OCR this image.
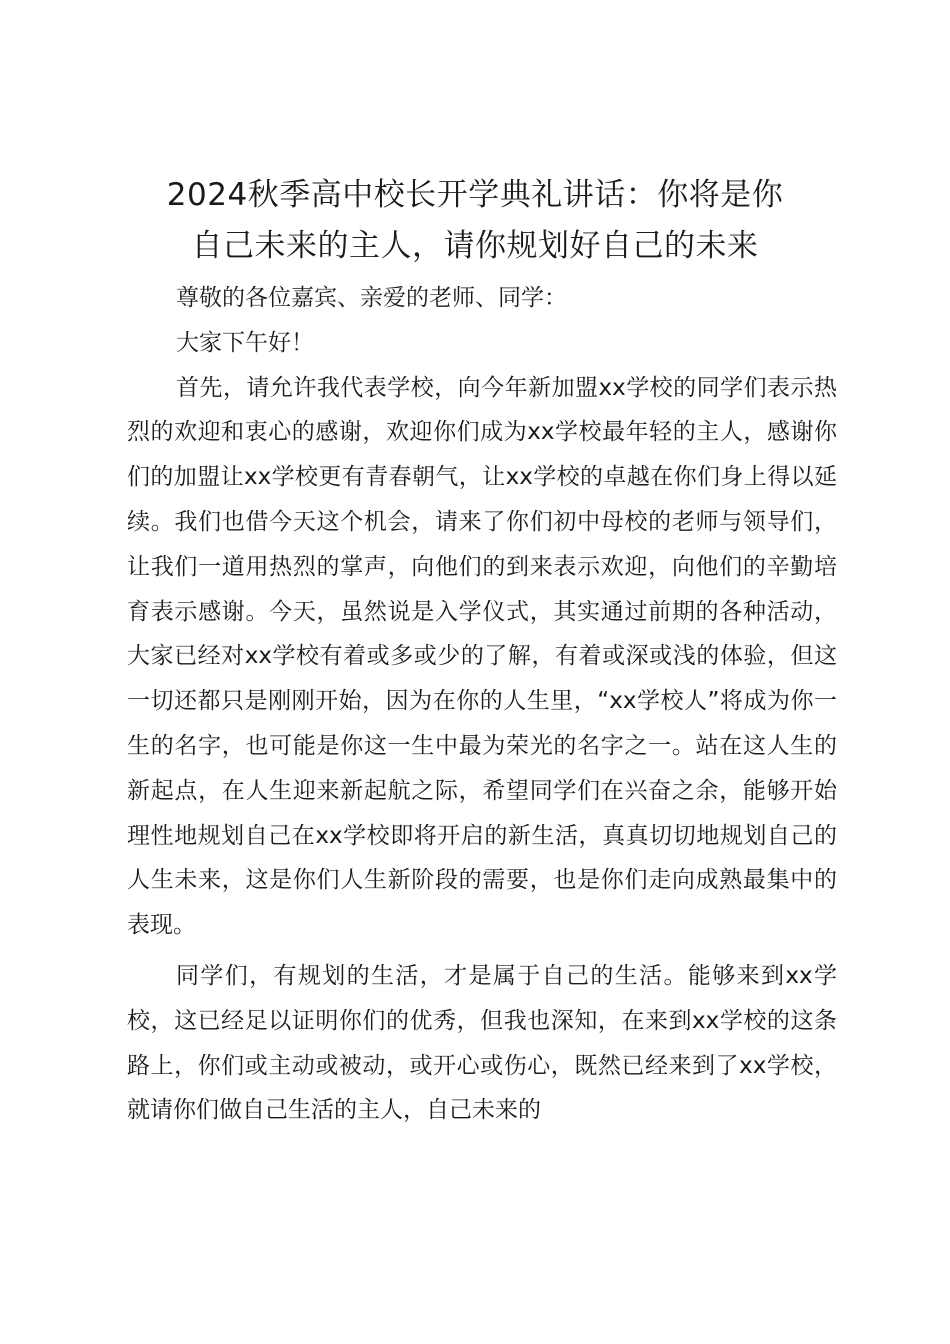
2024秋季高中校长开学典礼讲话：你将是你
自己未来的主人，请你规划好自己的未来

尊敬的各位嘉宾、亲爱的老师、同学：

大家下午好！

首先，请允许我代表学校，向今年新加盟xx学校的同学们表示热烈的欢迎和衷心的感谢，欢迎你们成为xx学校最年轻的主人，感谢你们的加盟让xx学校更有青春朝气，让xx学校的卓越在你们身上得以延续。我们也借今天这个机会，请来了你们初中母校的老师与领导们，让我们一道用热烈的掌声，向他们的到来表示欢迎，向他们的辛勤培育表示感谢。今天，虽然说是入学仪式，其实通过前期的各种活动，大家已经对xx学校有着或多或少的了解，有着或深或浅的体验，但这一切还都只是刚刚开始，因为在你的人生里，“xx学校人”将成为你一生的名字，也可能是你这一生中最为荣光的名字之一。站在这人生的新起点，在人生迎来新起航之际，希望同学们在兴奋之余，能够开始理性地规划自己在xx学校即将开启的新生活，真真切切地规划自己的人生未来，这是你们人生新阶段的需要，也是你们走向成熟最集中的表现。

同学们，有规划的生活，才是属于自己的生活。能够来到xx学校，这已经足以证明你们的优秀，但我也深知，在来到xx学校的这条路上，你们或主动或被动，或开心或伤心，既然已经来到了xx学校，就请你们做自己生活的主人，自己未来的
